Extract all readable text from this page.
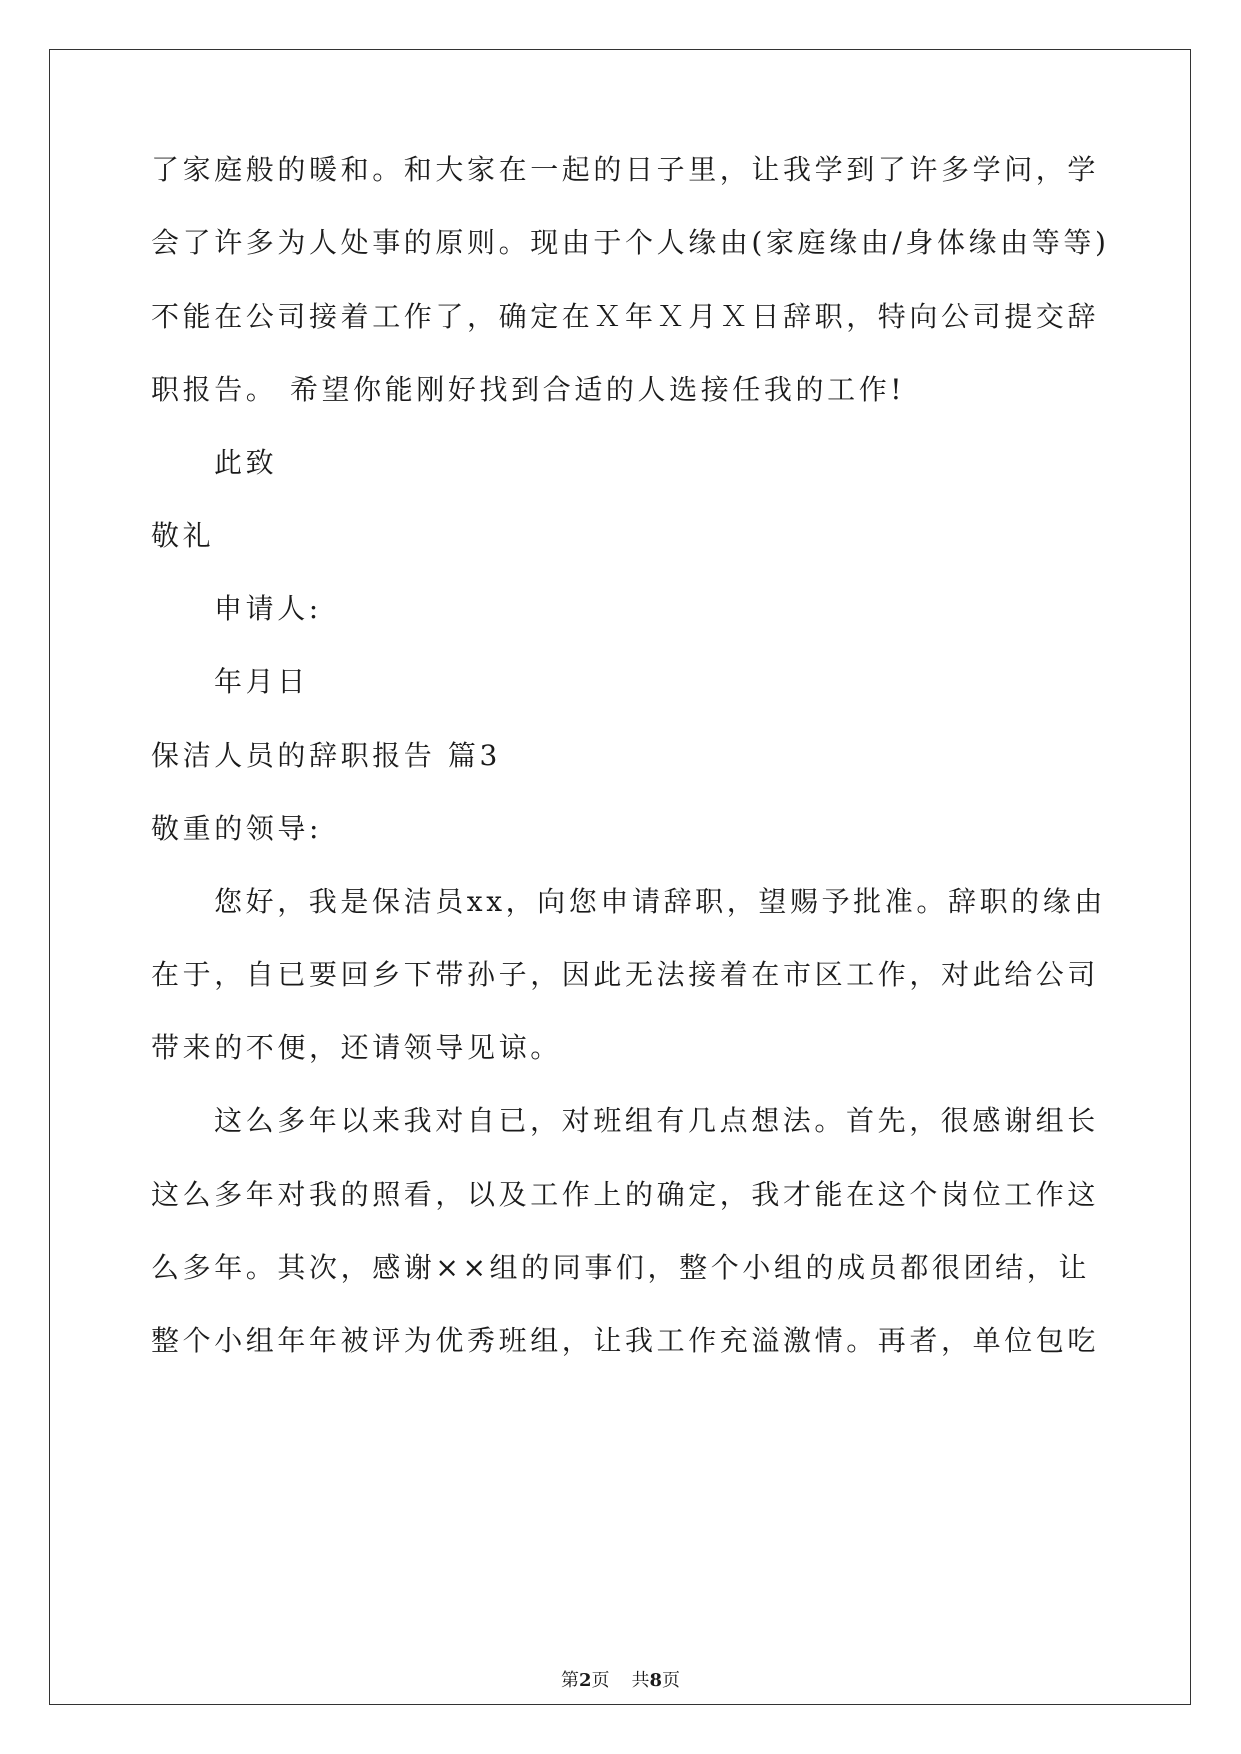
了家庭般的暖和。和大家在一起的日子里，让我学到了许多学问，学
会了许多为人处事的原则。现由于个人缘由(家庭缘由/身体缘由等等)
不能在公司接着工作了，确定在Ｘ年Ｘ月Ｘ日辞职，特向公司提交辞
职报告。 希望你能刚好找到合适的人选接任我的工作!
此致
敬礼
申请人:
年月日
保洁人员的辞职报告 篇3
敬重的领导:
您好，我是保洁员xx，向您申请辞职，望赐予批准。辞职的缘由
在于，自已要回乡下带孙子，因此无法接着在市区工作，对此给公司
带来的不便，还请领导见谅。
这么多年以来我对自已，对班组有几点想法。首先，很感谢组长
这么多年对我的照看，以及工作上的确定，我才能在这个岗位工作这
么多年。其次，感谢××组的同事们，整个小组的成员都很团结，让
整个小组年年被评为优秀班组，让我工作充溢激情。再者，单位包吃
第2页 共8页
